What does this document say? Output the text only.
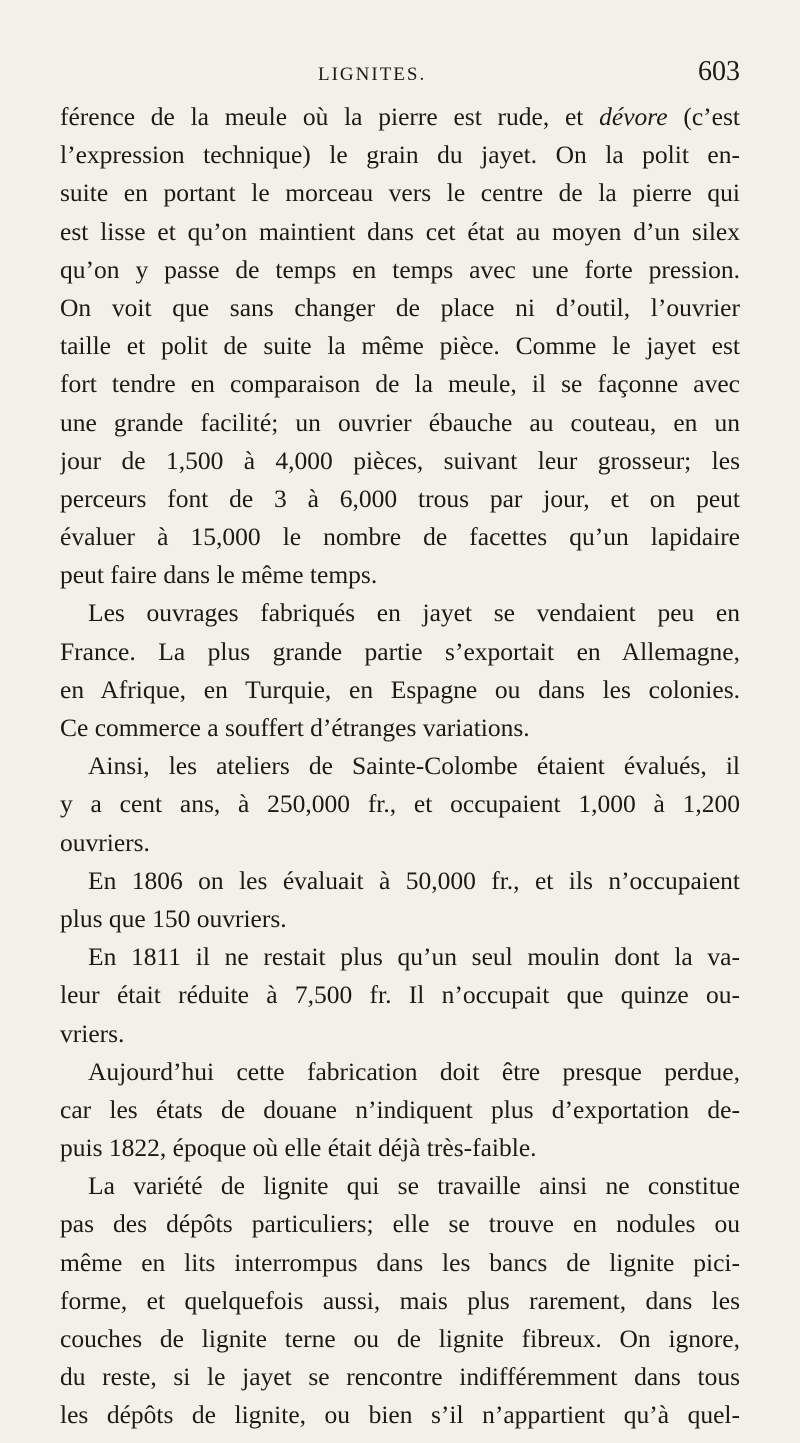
LIGNITES.	603
férence de la meule où la pierre est rude, et dévore (c’est
l’expression technique) le grain du jayet. On la polit en-
suite en portant le morceau vers le centre de la pierre qui
est lisse et qu’on maintient dans cet état au moyen d’un silex
qu’on y passe de temps en temps avec une forte pression.
On voit que sans changer de place ni d’outil, l’ouvrier
taille et polit de suite la même pièce. Comme le jayet est
fort tendre en comparaison de la meule, il se façonne avec
une grande facilité; un ouvrier ébauche au couteau, en un
jour de 1,500 à 4,000 pièces, suivant leur grosseur; les
perceurs font de 3 à 6,000 trous par jour, et on peut
évaluer à 15,000 le nombre de facettes qu’un lapidaire
peut faire dans le même temps.
Les ouvrages fabriqués en jayet se vendaient peu en
France. La plus grande partie s’exportait en Allemagne,
en Afrique, en Turquie, en Espagne ou dans les colonies.
Ce commerce a souffert d’étranges variations.
Ainsi, les ateliers de Sainte-Colombe étaient évalués, il
y a cent ans, à 250,000 fr., et occupaient 1,000 à 1,200
ouvriers.
En 1806 on les évaluait à 50,000 fr., et ils n’occupaient
plus que 150 ouvriers.
En 1811 il ne restait plus qu’un seul moulin dont la va-
leur était réduite à 7,500 fr. Il n’occupait que quinze ou-
vriers.
Aujourd’hui cette fabrication doit être presque perdue,
car les états de douane n’indiquent plus d’exportation de-
puis 1822, époque où elle était déjà très-faible.
La variété de lignite qui se travaille ainsi ne constitue
pas des dépôts particuliers; elle se trouve en nodules ou
même en lits interrompus dans les bancs de lignite pici-
forme, et quelquefois aussi, mais plus rarement, dans les
couches de lignite terne ou de lignite fibreux. On ignore,
du reste, si le jayet se rencontre indifféremment dans tous
les dépôts de lignite, ou bien s’il n’appartient qu’à quel-
